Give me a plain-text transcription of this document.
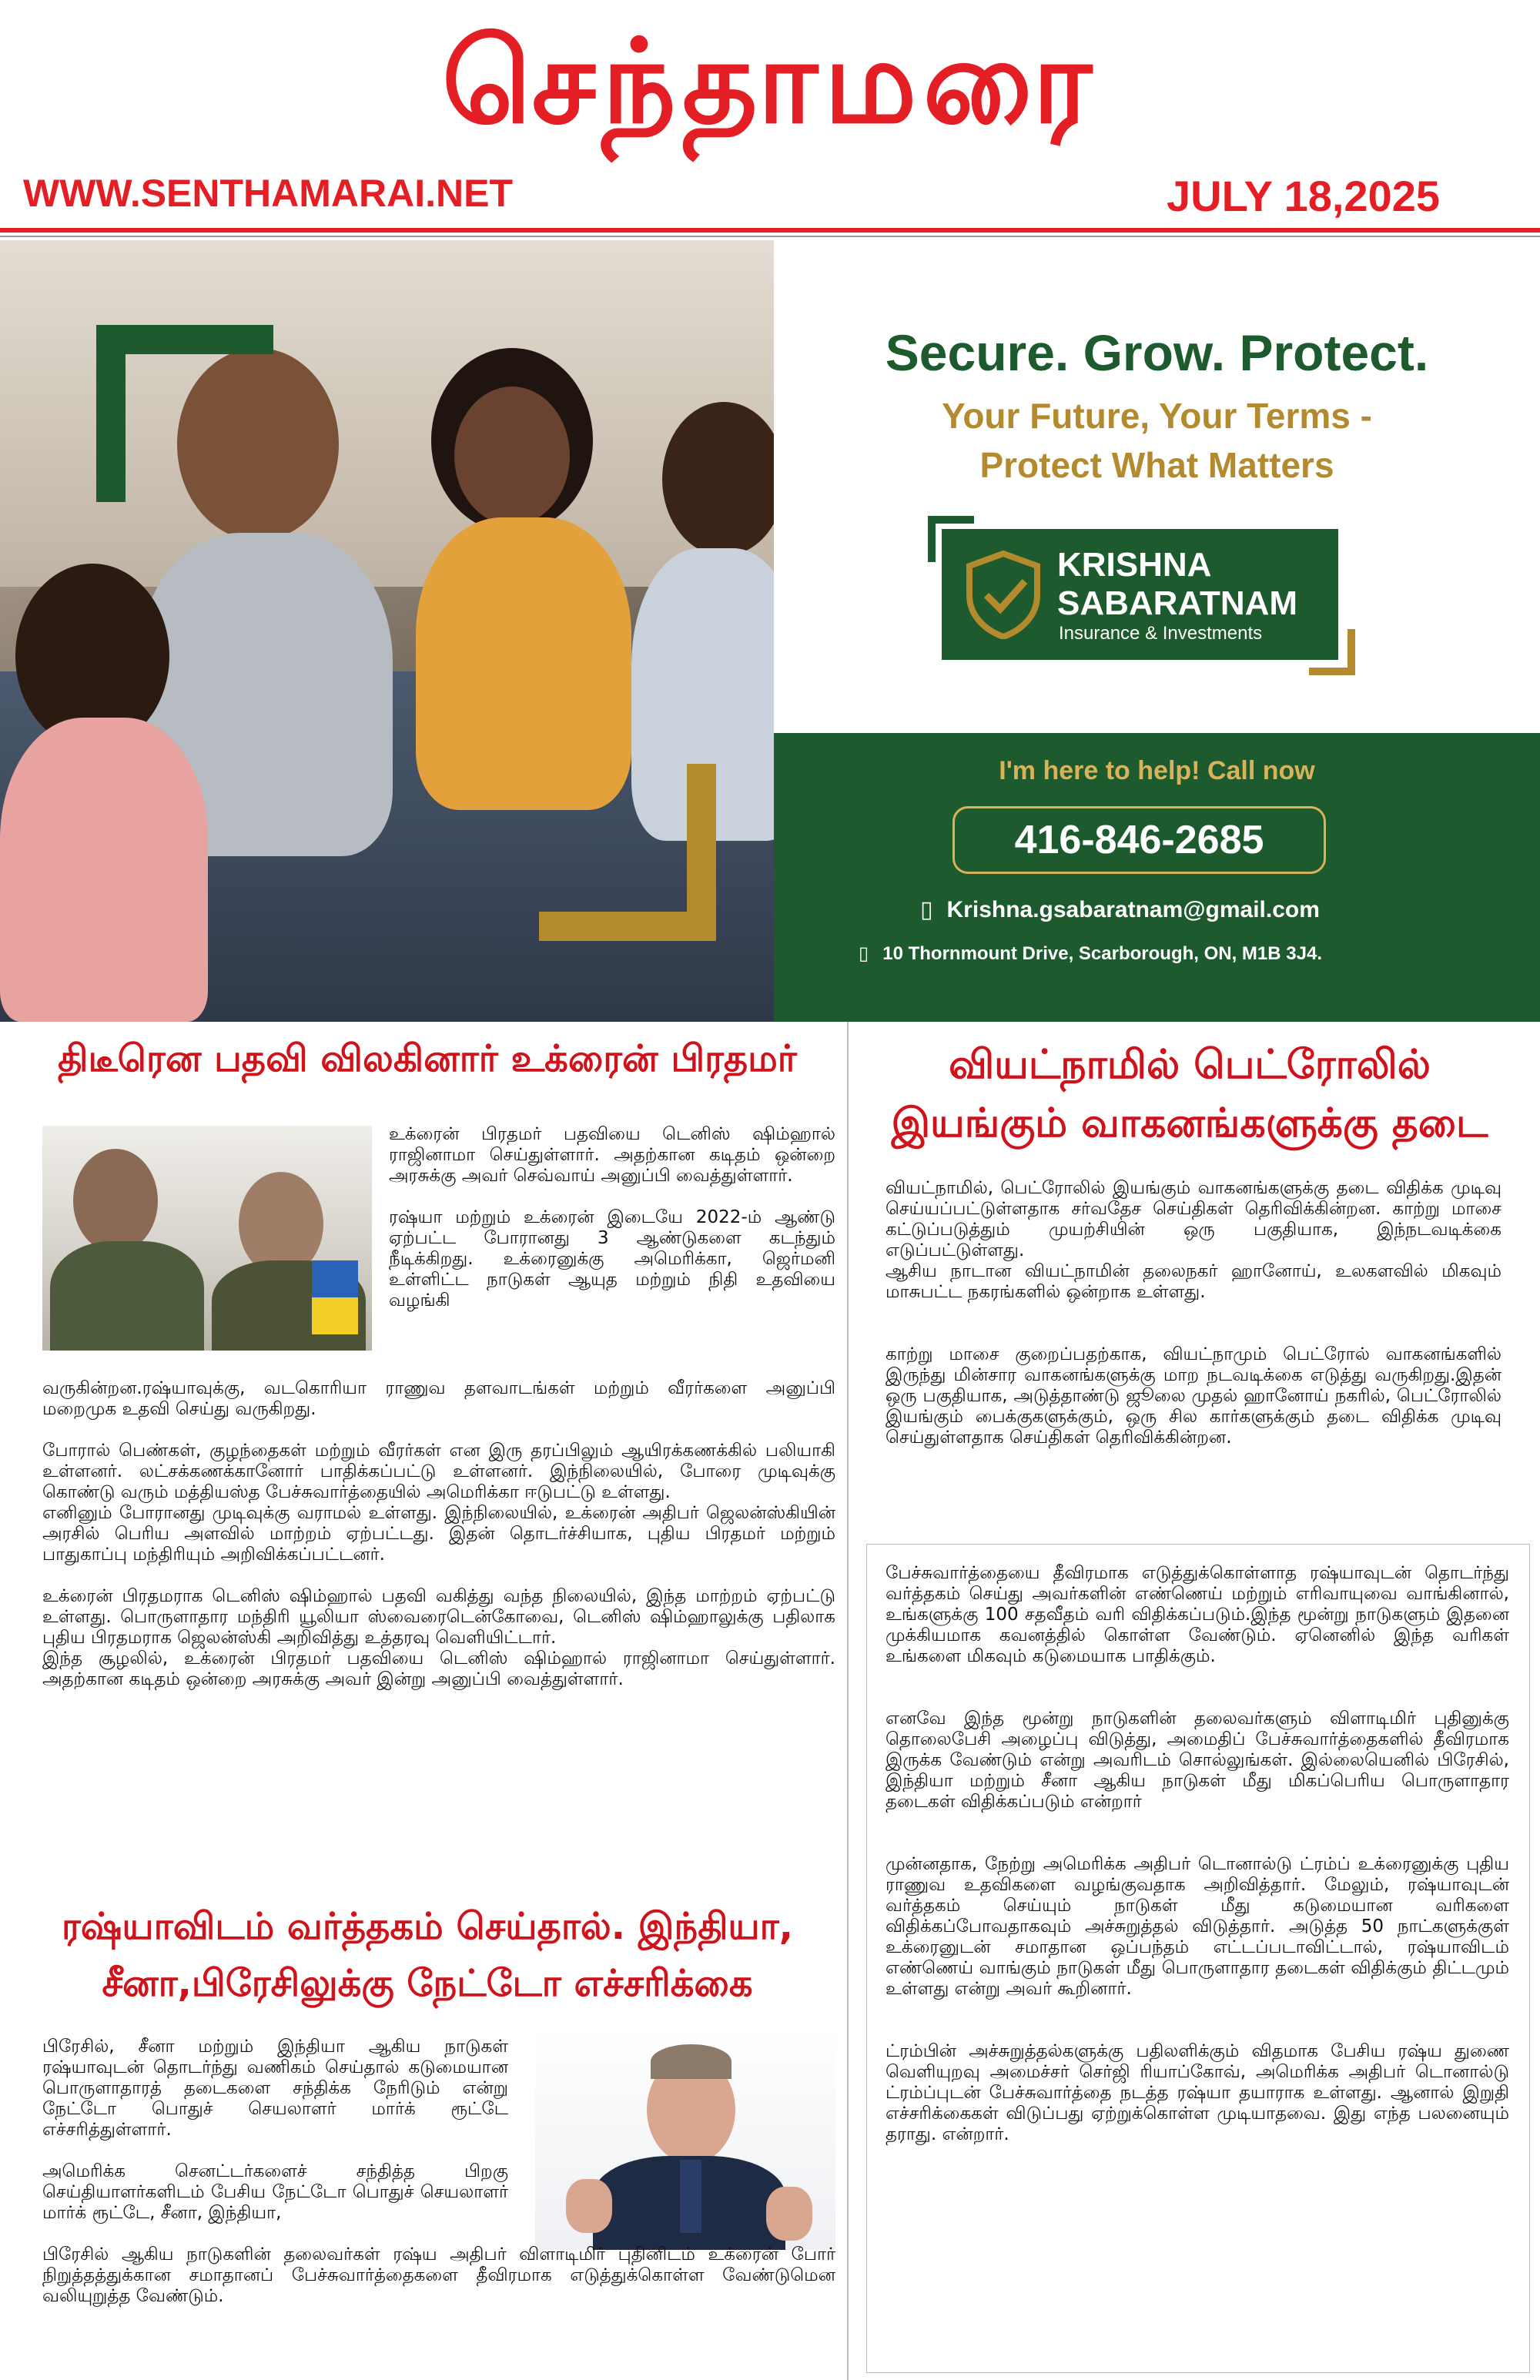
செந்தாமரை
WWW.SENTHAMARAI.NET	JULY 18,2025
Secure. Grow. Protect.
Your Future, Your Terms -
Protect What Matters
KRISHNA
SABARATNAM
Insurance & Investments
I'm here to help! Call now
416-846-2685
▯ Krishna.gsabaratnam@gmail.com
▯ 10 Thornmount Drive, Scarborough, ON, M1B 3J4.
திடீரென பதவி விலகினார் உக்ரைன் பிரதமர்

உக்ரைன் பிரதமர் பதவியை டெனிஸ் ஷிம்ஹால் ராஜினாமா செய்துள்ளார். அதற்கான கடிதம் ஒன்றை அரசுக்கு அவர் செவ்வாய் அனுப்பி வைத்துள்ளார்.

ரஷ்யா மற்றும் உக்ரைன் இடையே 2022-ம் ஆண்டு ஏற்பட்ட போரானது 3 ஆண்டுகளை கடந்தும் நீடிக்கிறது. உக்ரைனுக்கு அமெரிக்கா, ஜெர்மனி உள்ளிட்ட நாடுகள் ஆயுத மற்றும் நிதி உதவியை வழங்கி

வருகின்றன.ரஷ்யாவுக்கு, வடகொரியா ராணுவ தளவாடங்கள் மற்றும் வீரர்களை அனுப்பி மறைமுக உதவி செய்து வருகிறது.

போரால் பெண்கள், குழந்தைகள் மற்றும் வீரர்கள் என இரு தரப்பிலும் ஆயிரக்கணக்கில் பலியாகி உள்ளனர். லட்சக்கணக்கானோர் பாதிக்கப்பட்டு உள்ளனர். இந்நிலையில், போரை முடிவுக்கு கொண்டு வரும் மத்தியஸ்த பேச்சுவார்த்தையில் அமெரிக்கா ஈடுபட்டு உள்ளது.

எனினும் போரானது முடிவுக்கு வராமல் உள்ளது. இந்நிலையில், உக்ரைன் அதிபர் ஜெலன்ஸ்கியின் அரசில் பெரிய அளவில் மாற்றம் ஏற்பட்டது. இதன் தொடர்ச்சியாக, புதிய பிரதமர் மற்றும் பாதுகாப்பு மந்திரியும் அறிவிக்கப்பட்டனர்.

உக்ரைன் பிரதமராக டெனிஸ் ஷிம்ஹால் பதவி வகித்து வந்த நிலையில், இந்த மாற்றம் ஏற்பட்டு உள்ளது. பொருளாதார மந்திரி யூலியா ஸ்வைரைடென்கோவை, டெனிஸ் ஷிம்ஹாலுக்கு பதிலாக புதிய பிரதமராக ஜெலன்ஸ்கி அறிவித்து உத்தரவு வெளியிட்டார்.

இந்த சூழலில், உக்ரைன் பிரதமர் பதவியை டெனிஸ் ஷிம்ஹால் ராஜினாமா செய்துள்ளார். அதற்கான கடிதம் ஒன்றை அரசுக்கு அவர் இன்று அனுப்பி வைத்துள்ளார்.

ரஷ்யாவிடம் வர்த்தகம் செய்தால். இந்தியா,
சீனா,பிரேசிலுக்கு நேட்டோ எச்சரிக்கை

பிரேசில், சீனா மற்றும் இந்தியா ஆகிய நாடுகள் ரஷ்யாவுடன் தொடர்ந்து வணிகம் செய்தால் கடுமையான பொருளாதாரத் தடைகளை சந்திக்க நேரிடும் என்று நேட்டோ பொதுச் செயலாளர் மார்க் ரூட்டே எச்சரித்துள்ளார்.

அமெரிக்க செனட்டர்களைச் சந்தித்த பிறகு செய்தியாளர்களிடம் பேசிய நேட்டோ பொதுச் செயலாளர் மார்க் ரூட்டே, சீனா, இந்தியா,

பிரேசில் ஆகிய நாடுகளின் தலைவர்கள் ரஷ்ய அதிபர் விளாடிமிர் புதினிடம் உக்ரைன் போர் நிறுத்தத்துக்கான சமாதானப் பேச்சுவார்த்தைகளை தீவிரமாக எடுத்துக்கொள்ள வேண்டுமென வலியுறுத்த வேண்டும்.

வியட்நாமில் பெட்ரோலில்
இயங்கும் வாகனங்களுக்கு தடை

வியட்நாமில், பெட்ரோலில் இயங்கும் வாகனங்களுக்கு தடை விதிக்க முடிவு செய்யப்பட்டுள்ளதாக சர்வதேச செய்திகள் தெரிவிக்கின்றன. காற்று மாசை கட்டுப்படுத்தும் முயற்சியின் ஒரு பகுதியாக, இந்நடவடிக்கை எடுப்பட்டுள்ளது.

ஆசிய நாடான வியட்நாமின் தலைநகர் ஹானோய், உலகளவில் மிகவும் மாசுபட்ட நகரங்களில் ஒன்றாக உள்ளது.

காற்று மாசை குறைப்பதற்காக, வியட்நாமும் பெட்ரோல் வாகனங்களில் இருந்து மின்சார வாகனங்களுக்கு மாற நடவடிக்கை எடுத்து வருகிறது.இதன் ஒரு பகுதியாக, அடுத்தாண்டு ஜூலை முதல் ஹானோய் நகரில், பெட்ரோலில் இயங்கும் பைக்குகளுக்கும், ஒரு சில கார்களுக்கும் தடை விதிக்க முடிவு செய்துள்ளதாக செய்திகள் தெரிவிக்கின்றன.

பேச்சுவார்த்தையை தீவிரமாக எடுத்துக்கொள்ளாத ரஷ்யாவுடன் தொடர்ந்து வர்த்தகம் செய்து அவர்களின் எண்ணெய் மற்றும் எரிவாயுவை வாங்கினால், உங்களுக்கு 100 சதவீதம் வரி விதிக்கப்படும்.இந்த மூன்று நாடுகளும் இதனை முக்கியமாக கவனத்தில் கொள்ள வேண்டும். ஏனெனில் இந்த வரிகள் உங்களை மிகவும் கடுமையாக பாதிக்கும்.

எனவே இந்த மூன்று நாடுகளின் தலைவர்களும் விளாடிமிர் புதினுக்கு தொலைபேசி அழைப்பு விடுத்து, அமைதிப் பேச்சுவார்த்தைகளில் தீவிரமாக இருக்க வேண்டும் என்று அவரிடம் சொல்லுங்கள். இல்லையெனில் பிரேசில், இந்தியா மற்றும் சீனா ஆகிய நாடுகள் மீது மிகப்பெரிய பொருளாதார தடைகள் விதிக்கப்படும் என்றார்

முன்னதாக, நேற்று அமெரிக்க அதிபர் டொனால்டு ட்ரம்ப் உக்ரைனுக்கு புதிய ராணுவ உதவிகளை வழங்குவதாக அறிவித்தார். மேலும், ரஷ்யாவுடன் வர்த்தகம் செய்யும் நாடுகள் மீது கடுமையான வரிகளை விதிக்கப்போவதாகவும் அச்சுறுத்தல் விடுத்தார். அடுத்த 50 நாட்களுக்குள் உக்ரைனுடன் சமாதான ஒப்பந்தம் எட்டப்படாவிட்டால், ரஷ்யாவிடம் எண்ணெய் வாங்கும் நாடுகள் மீது பொருளாதார தடைகள் விதிக்கும் திட்டமும் உள்ளது என்று அவர் கூறினார்.

ட்ரம்பின் அச்சுறுத்தல்களுக்கு பதிலளிக்கும் விதமாக பேசிய ரஷ்ய துணை வெளியுறவு அமைச்சர் செர்ஜி ரியாப்கோவ், அமெரிக்க அதிபர் டொனால்டு ட்ரம்ப்புடன் பேச்சுவார்த்தை நடத்த ரஷ்யா தயாராக உள்ளது. ஆனால் இறுதி எச்சரிக்கைகள் விடுப்பது ஏற்றுக்கொள்ள முடியாதவை. இது எந்த பலனையும் தராது. என்றார்.
